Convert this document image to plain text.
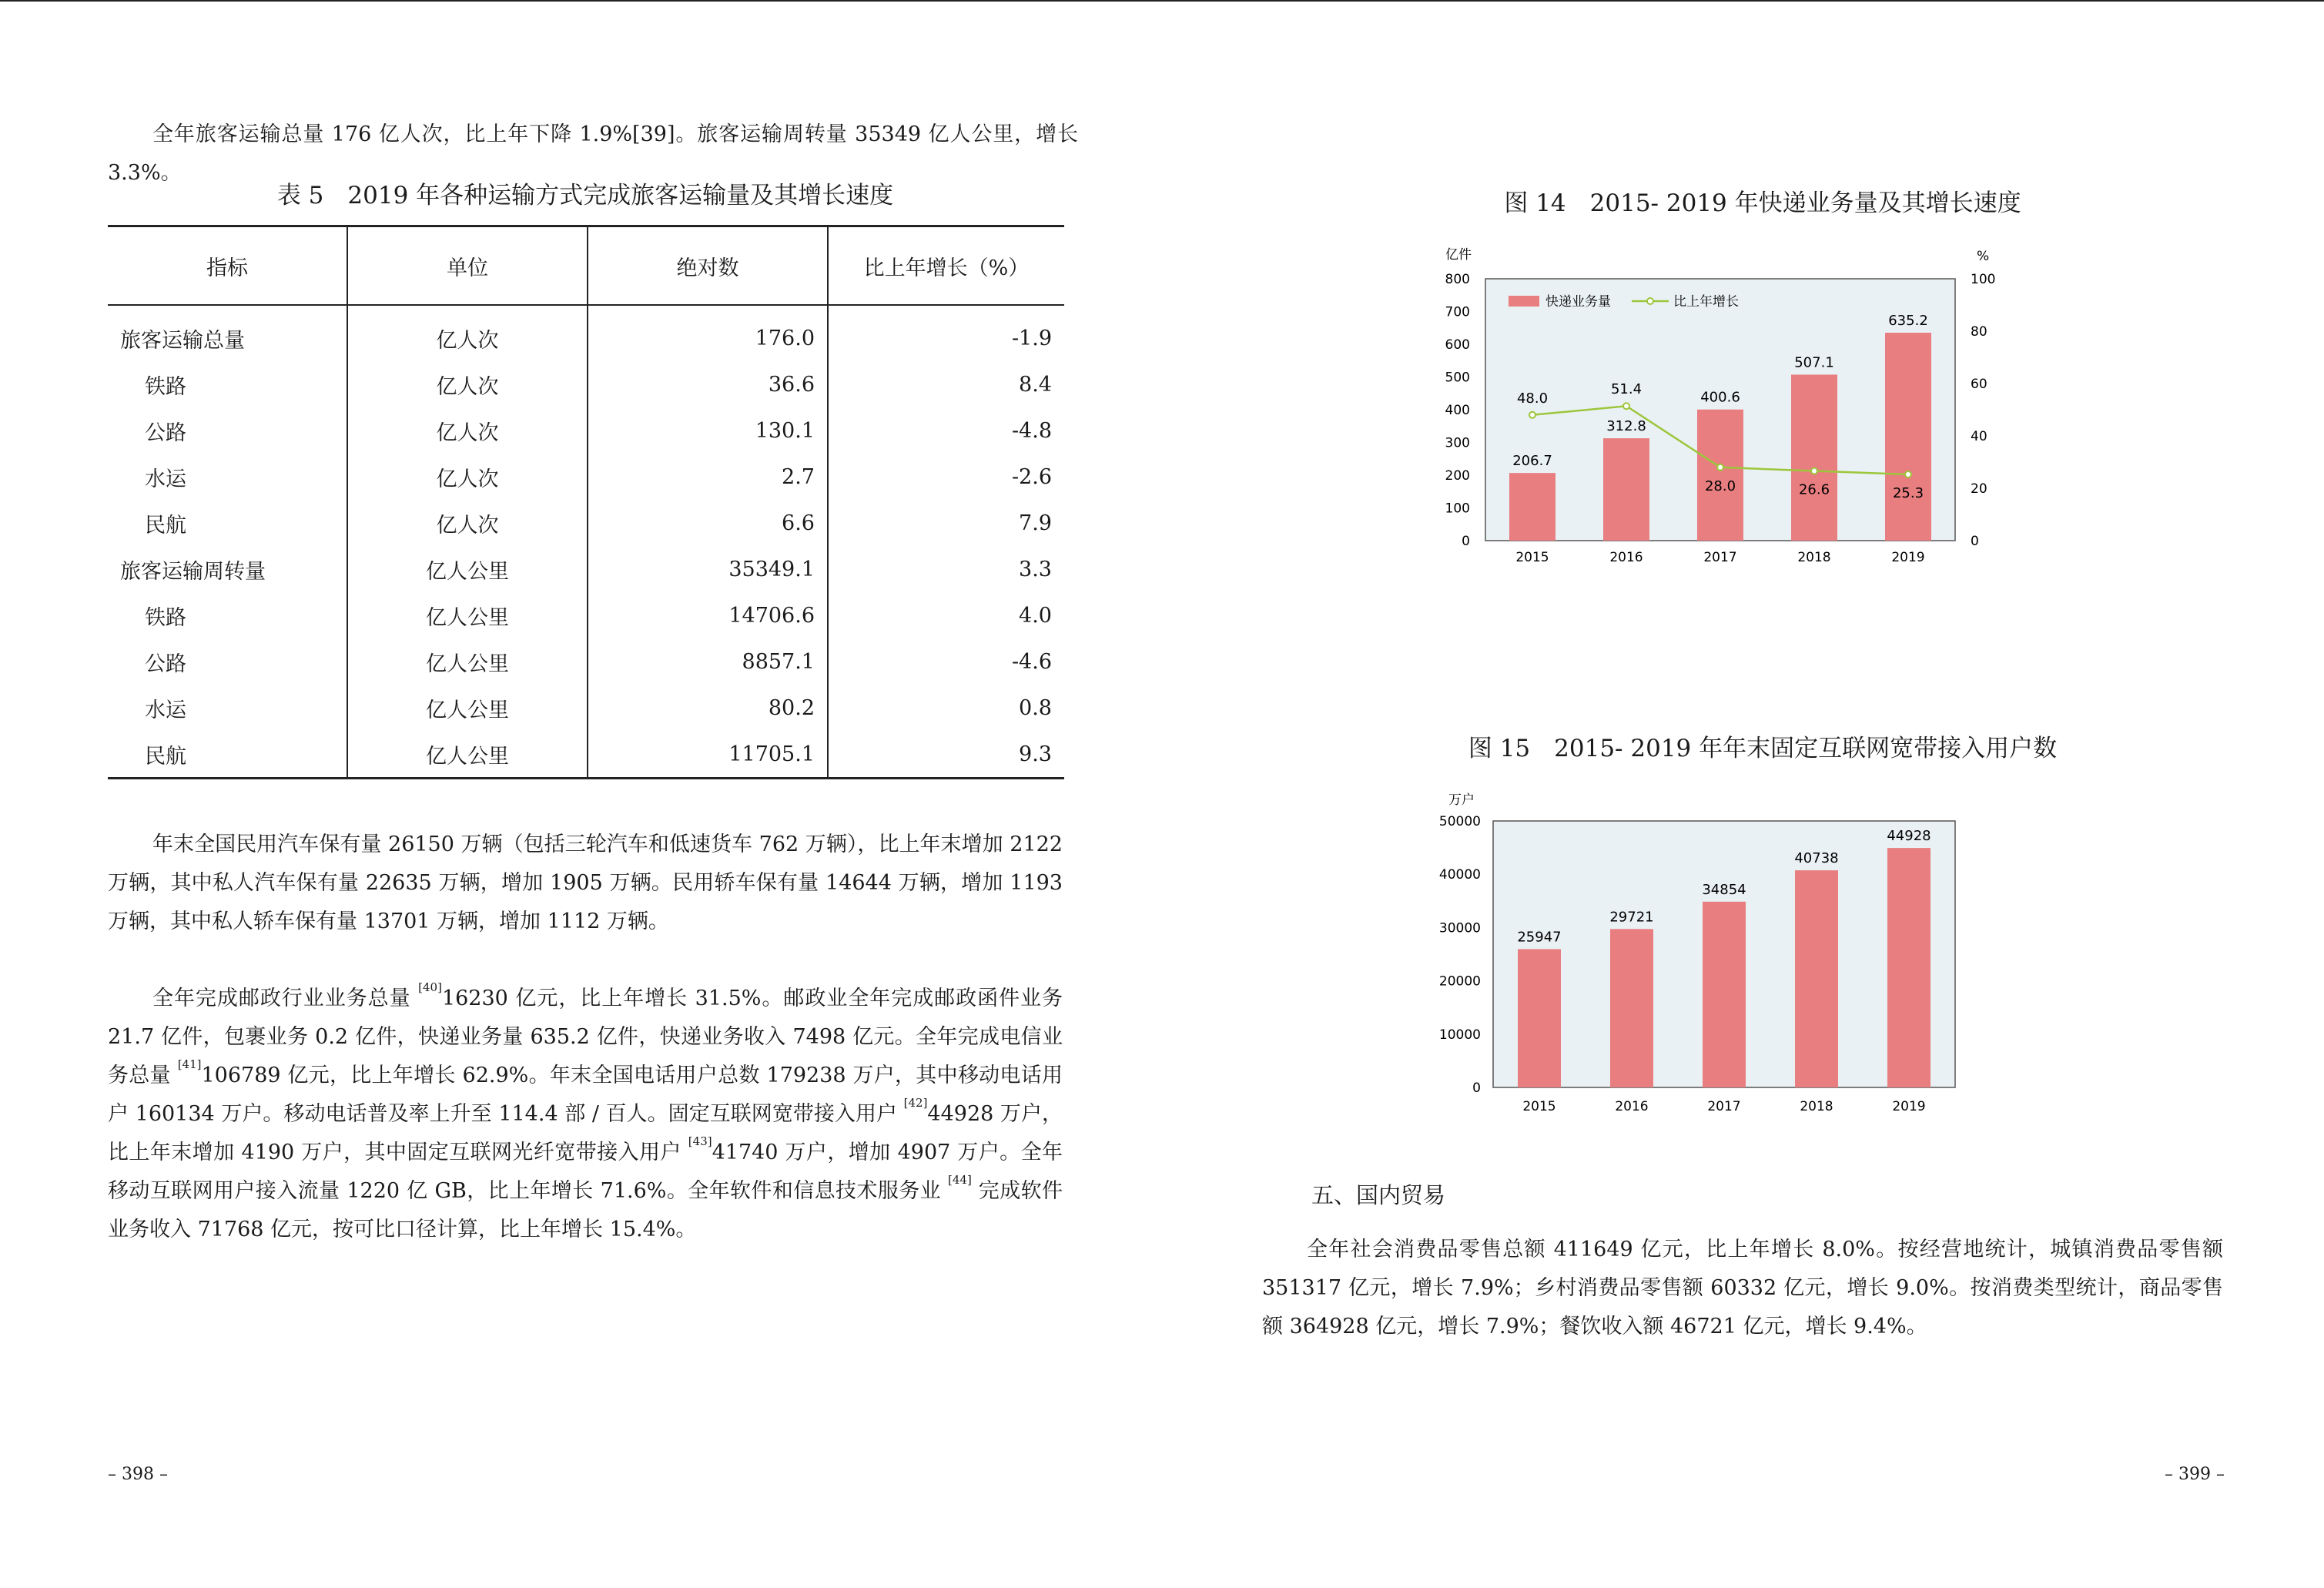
全年旅客运输总量 176 亿人次，比上年下降 1.9%[39]。旅客运输周转量 35349 亿人公里，增长 3.3%。

表 5　2019 年各种运输方式完成旅客运输量及其增长速度
指标	单位	绝对数	比上年增长（%）
旅客运输总量	亿人次	176.0	-1.9
铁路	亿人次	36.6	8.4
公路	亿人次	130.1	-4.8
水运	亿人次	2.7	-2.6
民航	亿人次	6.6	7.9
旅客运输周转量	亿人公里	35349.1	3.3
铁路	亿人公里	14706.6	4.0
公路	亿人公里	8857.1	-4.6
水运	亿人公里	80.2	0.8
民航	亿人公里	11705.1	9.3

年末全国民用汽车保有量 26150 万辆（包括三轮汽车和低速货车 762 万辆），比上年末增加 2122 万辆，其中私人汽车保有量 22635 万辆，增加 1905 万辆。民用轿车保有量 14644 万辆，增加 1193 万辆，其中私人轿车保有量 13701 万辆，增加 1112 万辆。

全年完成邮政行业业务总量 [40]16230 亿元，比上年增长 31.5%。邮政业全年完成邮政函件业务 21.7 亿件，包裹业务 0.2 亿件，快递业务量 635.2 亿件，快递业务收入 7498 亿元。全年完成电信业务总量 [41]106789 亿元，比上年增长 62.9%。年末全国电话用户总数 179238 万户，其中移动电话用户 160134 万户。移动电话普及率上升至 114.4 部 / 百人。固定互联网宽带接入用户 [42]44928 万户，比上年末增加 4190 万户，其中固定互联网光纤宽带接入用户 [43]41740 万户，增加 4907 万户。全年移动互联网用户接入流量 1220 亿 GB，比上年增长 71.6%。全年软件和信息技术服务业 [44] 完成软件业务收入 71768 亿元，按可比口径计算，比上年增长 15.4%。

– 398 –
图 14　2015- 2019 年快递业务量及其增长速度
0
100
200
300
400
500
600
700
800
0
20
40
60
80
100
亿件	%
2015
206.7
2016
312.8
2017
400.6
2018
507.1
2019
635.2
48.0
51.4
28.0	26.6	25.3
快递业务量	比上年增长
图 15　2015- 2019 年年末固定互联网宽带接入用户数
0
10000
20000
30000
40000
50000
万户
2015
25947
2016
29721
2017
34854
2018
40738
2019
44928
五、国内贸易

全年社会消费品零售总额 411649 亿元，比上年增长 8.0%。按经营地统计，城镇消费品零售额 351317 亿元，增长 7.9%；乡村消费品零售额 60332 亿元，增长 9.0%。按消费类型统计，商品零售额 364928 亿元，增长 7.9%；餐饮收入额 46721 亿元，增长 9.4%。

– 399 –
